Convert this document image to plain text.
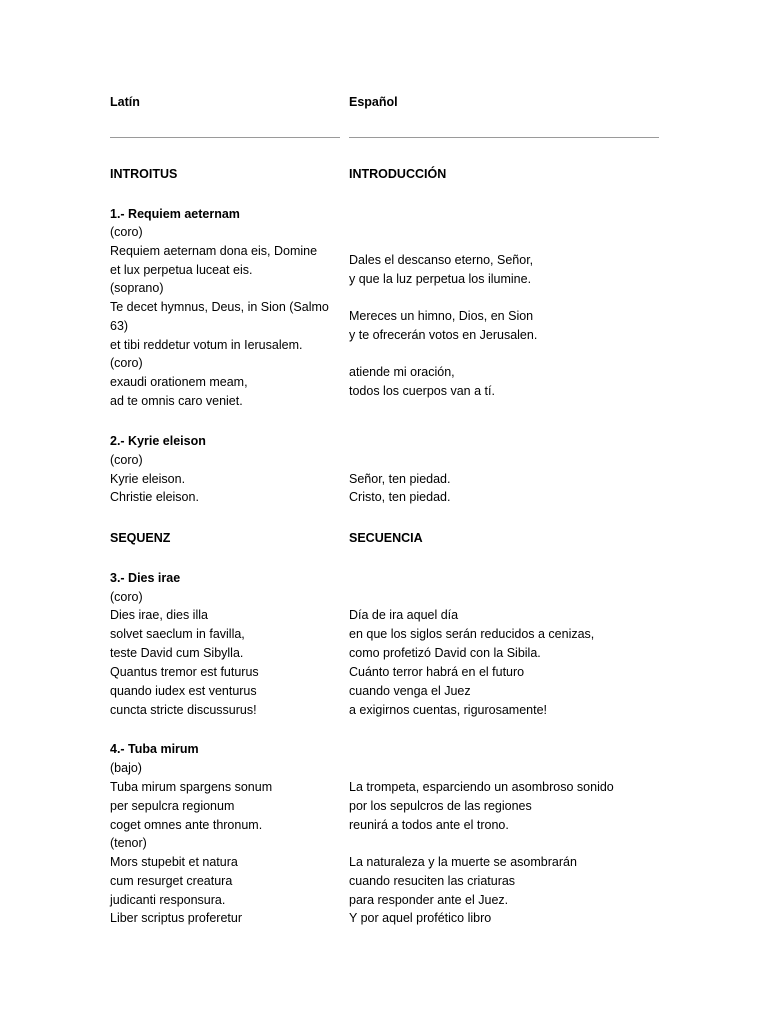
Latín	Español
INTROITUS
1.- Requiem aeternam
(coro)
Requiem aeternam dona eis, Domine
et lux perpetua luceat eis.
(soprano)
Te decet hymnus, Deus, in Sion (Salmo
63)
et tibi reddetur votum in Ierusalem.
(coro)
exaudi orationem meam,
ad te omnis caro veniet.
2.- Kyrie eleison
(coro)
Kyrie eleison.
Christie eleison.
SEQUENZ
3.- Dies irae
(coro)
Dies irae, dies illa
solvet saeclum in favilla,
teste David cum Sibylla.
Quantus tremor est futurus
quando iudex est venturus
cuncta stricte discussurus!
4.- Tuba mirum
(bajo)
Tuba mirum spargens sonum
per sepulcra regionum
coget omnes ante thronum.
(tenor)
Mors stupebit et natura
cum resurget creatura
judicanti responsura.
Liber scriptus proferetur
INTRODUCCIÓN
Dales el descanso eterno, Señor,
y que la luz perpetua los ilumine.
Mereces un himno, Dios, en Sion
y te ofrecerán votos en Jerusalen.
atiende mi oración,
todos los cuerpos van a tí.
Señor, ten piedad.
Cristo, ten piedad.
SECUENCIA
Día de ira aquel día
en que los siglos serán reducidos a cenizas,
como profetizó David con la Sibila.
Cuánto terror habrá en el futuro
cuando venga el Juez
a exigirnos cuentas, rigurosamente!
La trompeta, esparciendo un asombroso sonido
por los sepulcros de las regiones
reunirá a todos ante el trono.
La naturaleza y la muerte se asombrarán
cuando resuciten las criaturas
para responder ante el Juez.
Y por aquel profético libro
